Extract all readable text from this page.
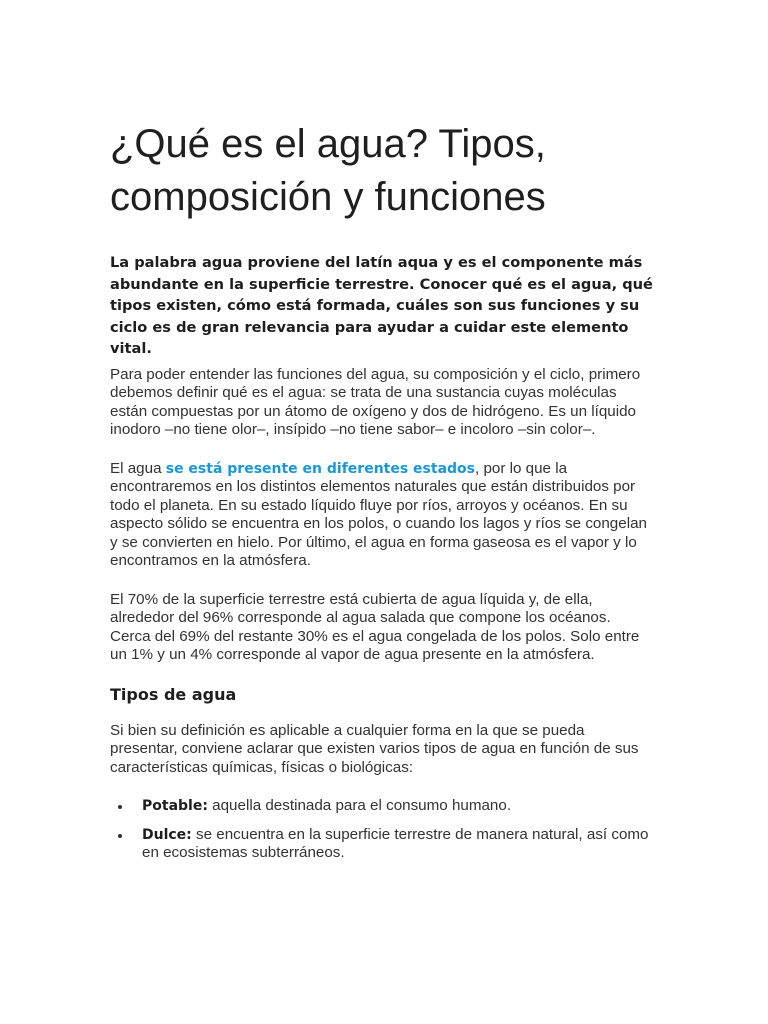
¿Qué es el agua? Tipos, composición y funciones

La palabra agua proviene del latín aqua y es el componente más abundante en la superficie terrestre. Conocer qué es el agua, qué tipos existen, cómo está formada, cuáles son sus funciones y su ciclo es de gran relevancia para ayudar a cuidar este elemento vital.

Para poder entender las funciones del agua, su composición y el ciclo, primero debemos definir qué es el agua: se trata de una sustancia cuyas moléculas están compuestas por un átomo de oxígeno y dos de hidrógeno. Es un líquido inodoro –no tiene olor–, insípido –no tiene sabor– e incoloro –sin color–.

El agua se está presente en diferentes estados, por lo que la encontraremos en los distintos elementos naturales que están distribuidos por todo el planeta. En su estado líquido fluye por ríos, arroyos y océanos. En su aspecto sólido se encuentra en los polos, o cuando los lagos y ríos se congelan y se convierten en hielo. Por último, el agua en forma gaseosa es el vapor y lo encontramos en la atmósfera.

El 70% de la superficie terrestre está cubierta de agua líquida y, de ella, alrededor del 96% corresponde al agua salada que compone los océanos. Cerca del 69% del restante 30% es el agua congelada de los polos. Solo entre un 1% y un 4% corresponde al vapor de agua presente en la atmósfera.

Tipos de agua

Si bien su definición es aplicable a cualquier forma en la que se pueda presentar, conviene aclarar que existen varios tipos de agua en función de sus características químicas, físicas o biológicas:

Potable: aquella destinada para el consumo humano.
Dulce: se encuentra en la superficie terrestre de manera natural, así como en ecosistemas subterráneos.
